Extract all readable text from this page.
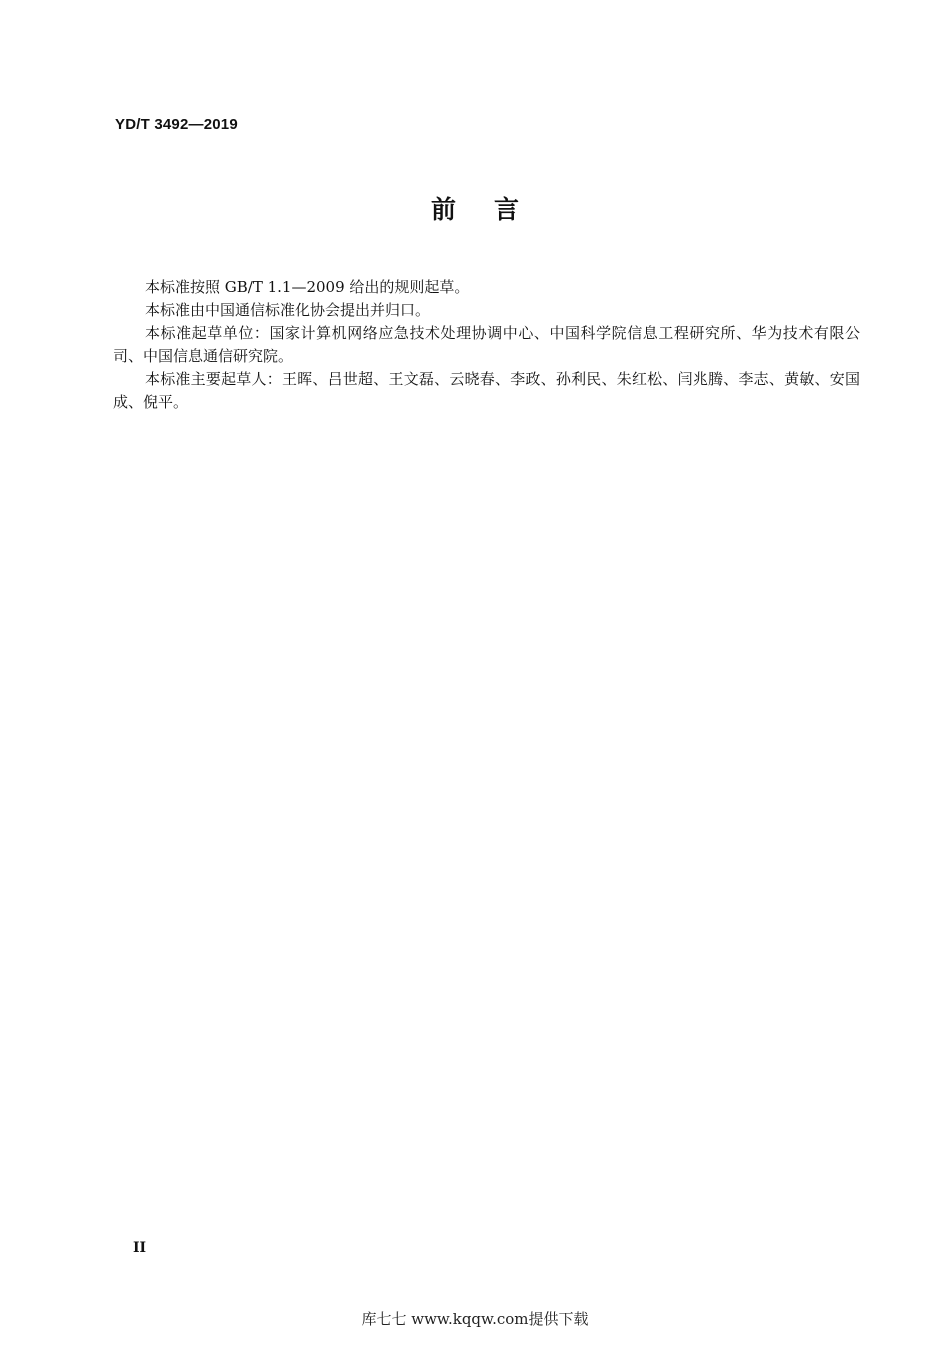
YD/T 3492—2019
前言

本标准按照 GB/T 1.1—2009 给出的规则起草。

本标准由中国通信标准化协会提出并归口。

本标准起草单位：国家计算机网络应急技术处理协调中心、中国科学院信息工程研究所、华为技术有限公司、中国信息通信研究院。

本标准主要起草人：王晖、吕世超、王文磊、云晓春、李政、孙利民、朱红松、闫兆腾、李志、黄敏、安国成、倪平。

II
库七七 www.kqqw.com提供下载
